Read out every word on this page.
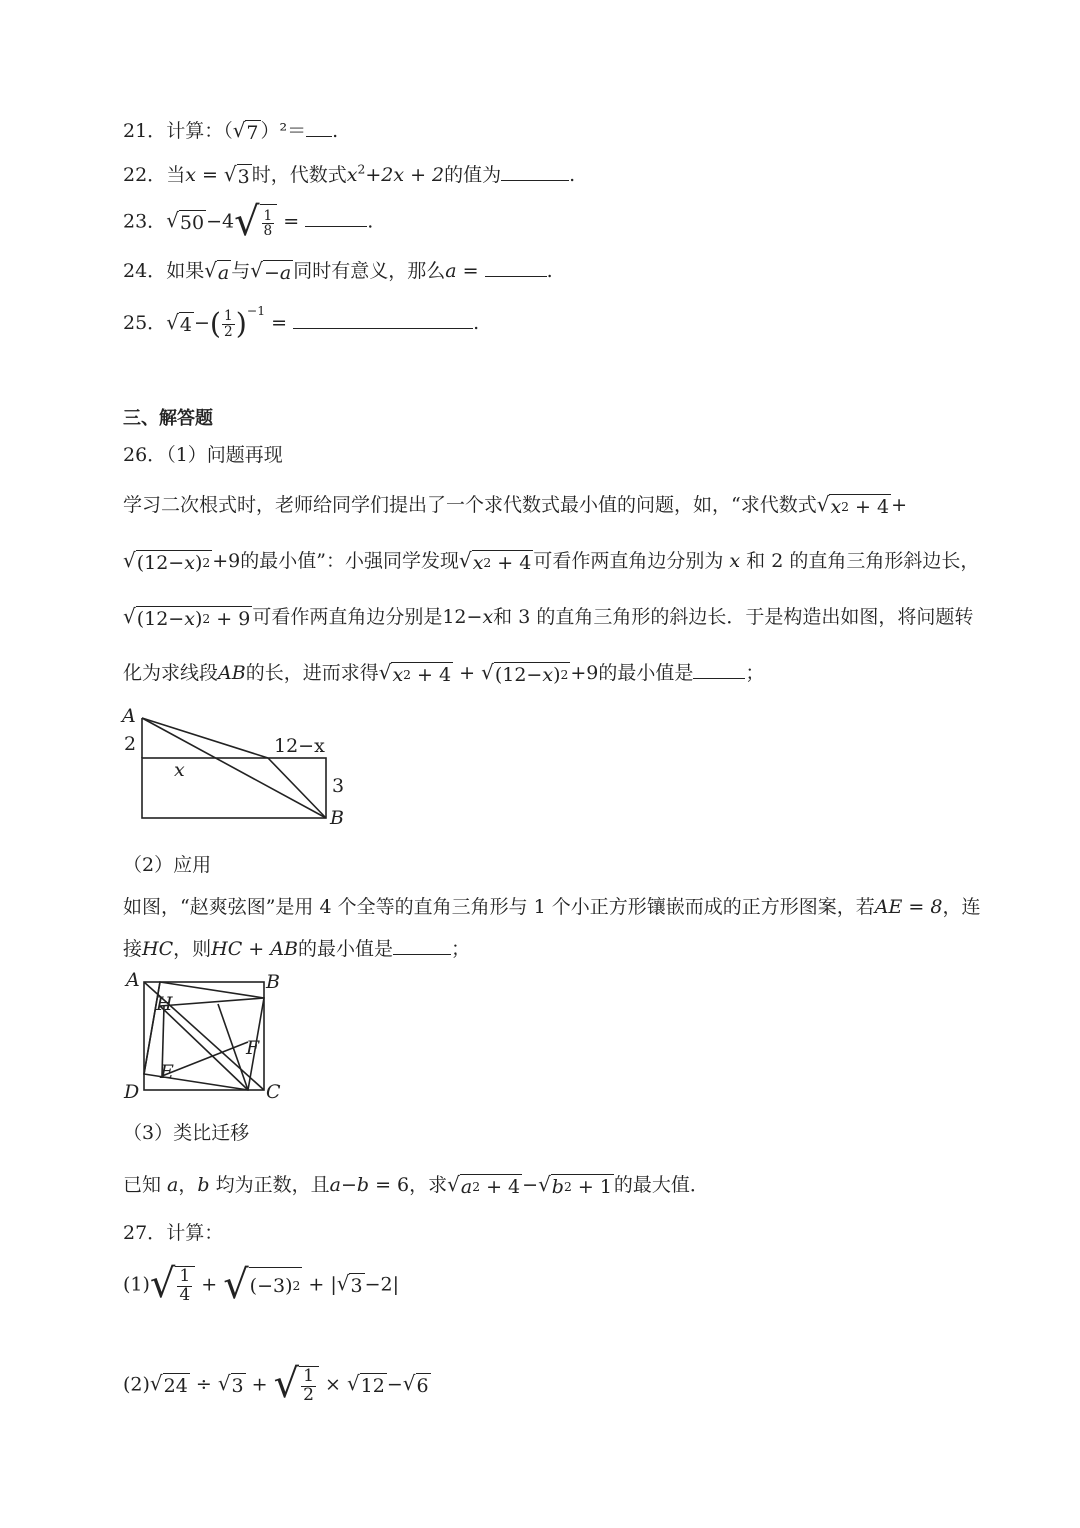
21．计算：（ √ 7 ）²＝ .
22．当x = √ 3 时，代数式$x^2+2x + 2$的值为	.
23． √ 50 −4 √ $\frac{1}{8}$ =	.
24．如果 √ a 与 √ −a 同时有意义，那么a =	.
25． √ 4 −( $\frac{1}{2} )^{-1}$ =	.
三、解答题
26．（1）问题再现
学习二次根式时，老师给同学们提出了一个求代数式最小值的问题，如，“求代数式 √ x 2 + 4 +
√ (12− x ) 2 +9的最小值”：小强同学发现 √ x 2 + 4 可看作两直角边分别为 x 和 2 的直角三角形斜边长，
√ (12− x ) 2 + 9 可看作两直角边分别是12−x和 3 的直角三角形的斜边长．于是构造出如图，将问题转
化为求线段AB的长，进而求得 √ x 2 + 4 + √ (12− x ) 2 +9的最小值是	；
A
2
x
12−x
3
B
（2）应用
如图，“赵爽弦图”是用 4 个全等的直角三角形与 1 个小正方形镶嵌而成的正方形图案，若AE = 8，连
接HC，则HC + AB的最小值是	；
A	B
H
F
E
D	C
（3）类比迁移
已知 a，b 均为正数，且a−b = 6，求 √ a 2 + 4 − √ b 2 + 1 的最大值．
27．计算：
(1) √ $\frac{1}{4}$ + √ (−3) 2 + | √ 3 −2|
(2) √ 24 ÷ √ 3 + √ $\frac{1}{2}$ × √ 12 − √ 6
